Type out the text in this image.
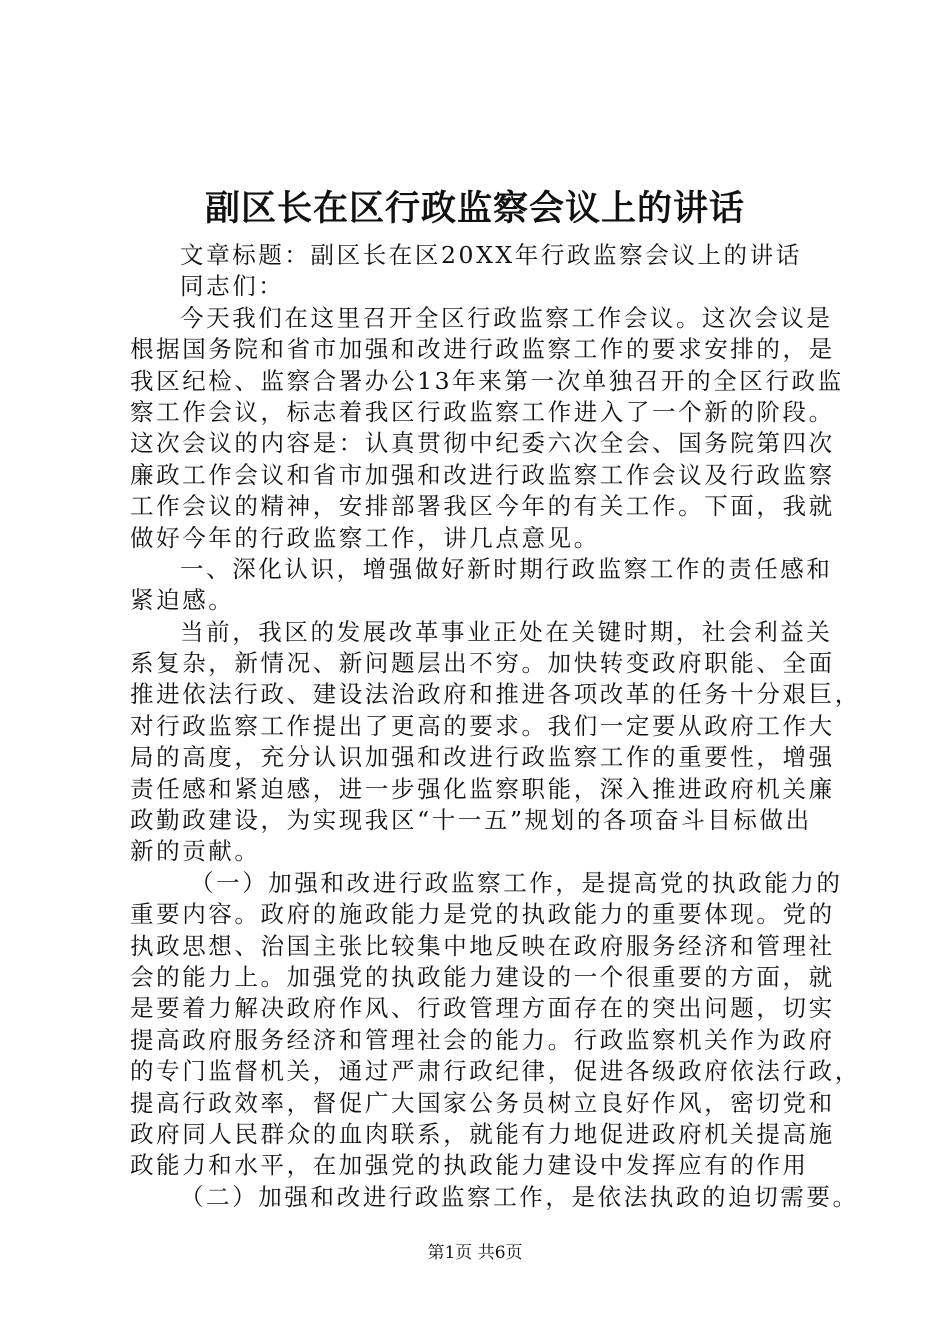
副区长在区行政监察会议上的讲话
文章标题：副区长在区20XX年行政监察会议上的讲话
同志们：
今天我们在这里召开全区行政监察工作会议。这次会议是
根据国务院和省市加强和改进行政监察工作的要求安排的，是
我区纪检、监察合署办公13年来第一次单独召开的全区行政监
察工作会议，标志着我区行政监察工作进入了一个新的阶段。
这次会议的内容是：认真贯彻中纪委六次全会、国务院第四次
廉政工作会议和省市加强和改进行政监察工作会议及行政监察
工作会议的精神，安排部署我区今年的有关工作。下面，我就
做好今年的行政监察工作，讲几点意见。
一、深化认识，增强做好新时期行政监察工作的责任感和
紧迫感。
当前，我区的发展改革事业正处在关键时期，社会利益关
系复杂，新情况、新问题层出不穷。加快转变政府职能、全面
推进依法行政、建设法治政府和推进各项改革的任务十分艰巨，
对行政监察工作提出了更高的要求。我们一定要从政府工作大
局的高度，充分认识加强和改进行政监察工作的重要性，增强
责任感和紧迫感，进一步强化监察职能，深入推进政府机关廉
政勤政建设，为实现我区“十一五”规划的各项奋斗目标做出
新的贡献。
（一）加强和改进行政监察工作，是提高党的执政能力的
重要内容。政府的施政能力是党的执政能力的重要体现。党的
执政思想、治国主张比较集中地反映在政府服务经济和管理社
会的能力上。加强党的执政能力建设的一个很重要的方面，就
是要着力解决政府作风、行政管理方面存在的突出问题，切实
提高政府服务经济和管理社会的能力。行政监察机关作为政府
的专门监督机关，通过严肃行政纪律，促进各级政府依法行政，
提高行政效率，督促广大国家公务员树立良好作风，密切党和
政府同人民群众的血肉联系，就能有力地促进政府机关提高施
政能力和水平，在加强党的执政能力建设中发挥应有的作用
（二）加强和改进行政监察工作，是依法执政的迫切需要。
第1页 共6页
